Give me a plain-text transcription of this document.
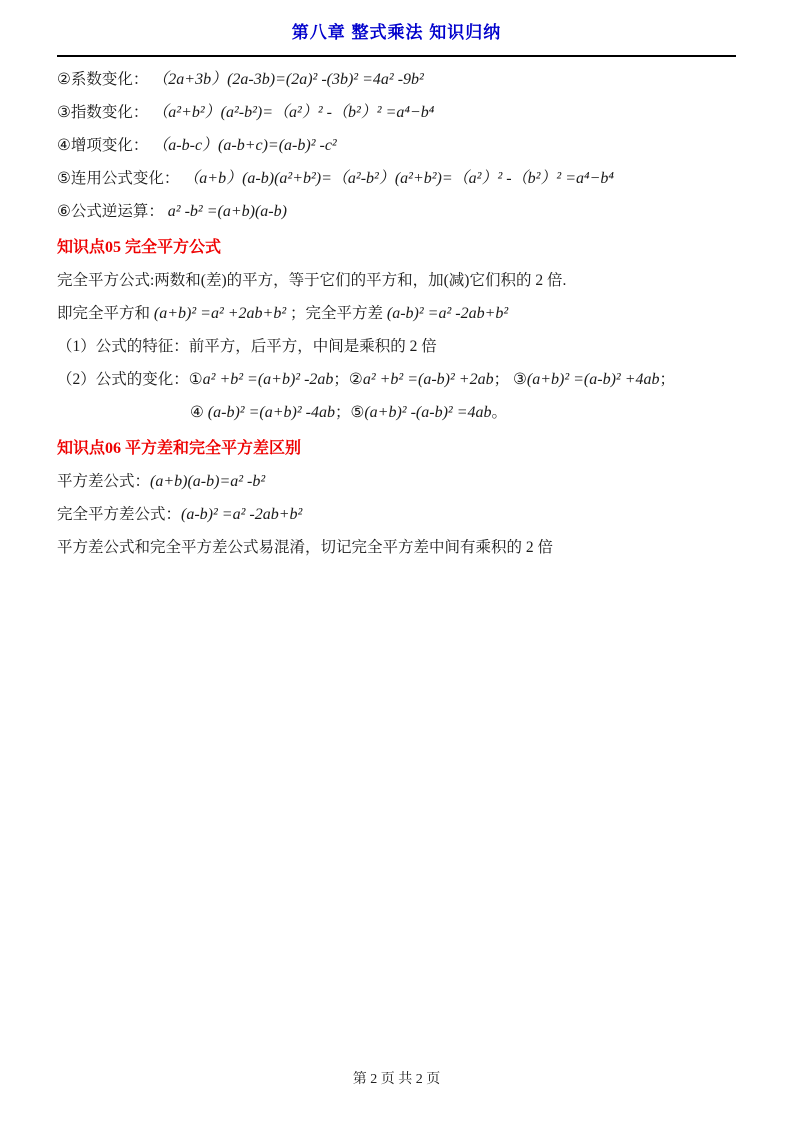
第八章 整式乘法 知识归纳
②系数变化： （2a+3b）(2a-3b)=(2a)² -(3b)² =4a² -9b²
③指数变化： （a²+b²）(a²-b²)=（a²）² -（b²）² =a⁴−b⁴
④增项变化： （a-b-c）(a-b+c)=(a-b)² -c²
⑤连用公式变化： （a+b）(a-b)(a²+b²)=（a²-b²）(a²+b²)=（a²）² -（b²）² =a⁴−b⁴
⑥公式逆运算： a² -b² =(a+b)(a-b)
知识点05 完全平方公式
完全平方公式:两数和(差)的平方，等于它们的平方和，加(减)它们积的 2 倍.
即完全平方和 (a+b)² =a² +2ab+b² ；完全平方差 (a-b)² =a² -2ab+b²
（1）公式的特征：前平方，后平方，中间是乘积的 2 倍
（2）公式的变化：①a² +b² =(a+b)² -2ab；②a² +b² =(a-b)² +2ab； ③(a+b)² =(a-b)² +4ab；
④ (a-b)² =(a+b)² -4ab；⑤(a+b)² -(a-b)² =4ab。
知识点06 平方差和完全平方差区别
平方差公式：(a+b)(a-b)=a² -b²
完全平方差公式：(a-b)² =a² -2ab+b²
平方差公式和完全平方差公式易混淆，切记完全平方差中间有乘积的 2 倍
第 2 页 共 2 页
